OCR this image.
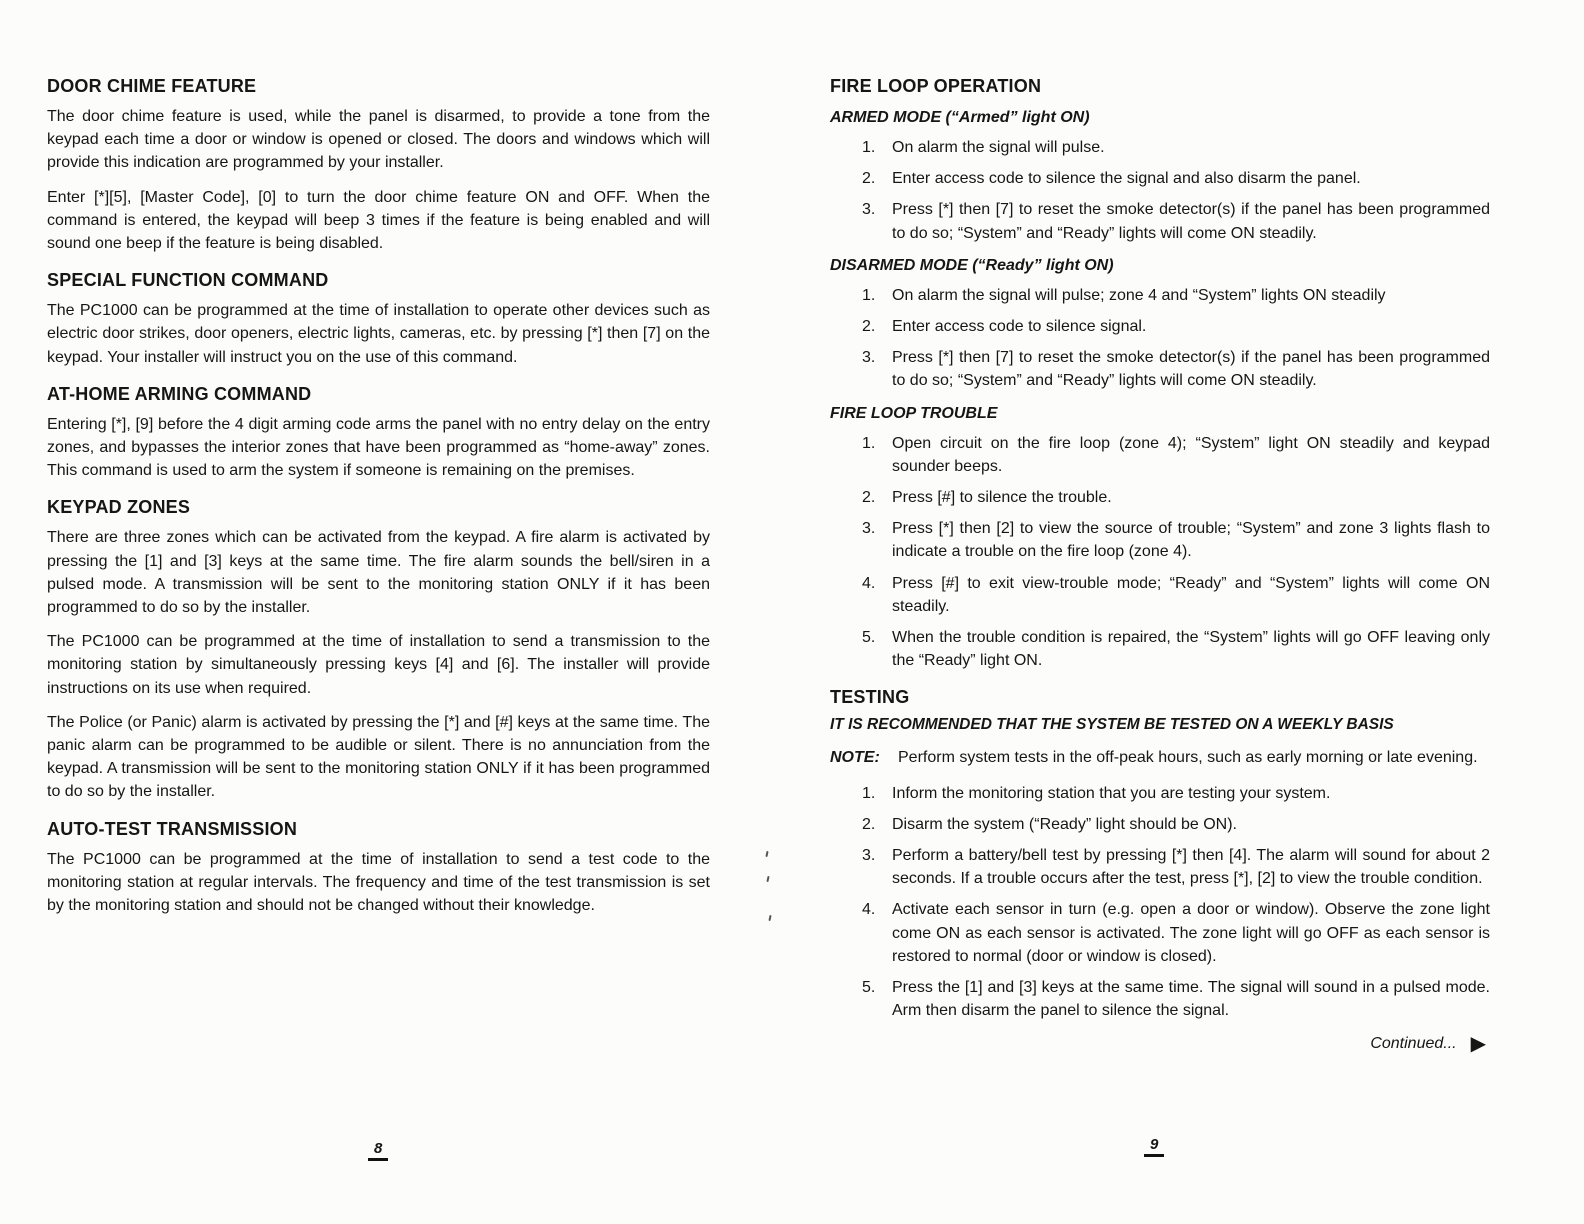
DOOR CHIME FEATURE

The door chime feature is used, while the panel is disarmed, to provide a tone from the keypad each time a door or window is opened or closed. The doors and windows which will provide this indication are programmed by your installer.

Enter [*][5], [Master Code], [0] to turn the door chime feature ON and OFF. When the command is entered, the keypad will beep 3 times if the feature is being enabled and will sound one beep if the feature is being disabled.

SPECIAL FUNCTION COMMAND

The PC1000 can be programmed at the time of installation to operate other devices such as electric door strikes, door openers, electric lights, cameras, etc. by pressing [*] then [7] on the keypad. Your installer will instruct you on the use of this command.

AT-HOME ARMING COMMAND

Entering [*], [9] before the 4 digit arming code arms the panel with no entry delay on the entry zones, and bypasses the interior zones that have been programmed as “home-away” zones. This command is used to arm the system if someone is remaining on the premises.

KEYPAD ZONES

There are three zones which can be activated from the keypad. A fire alarm is activated by pressing the [1] and [3] keys at the same time. The fire alarm sounds the bell/siren in a pulsed mode. A transmission will be sent to the monitoring station ONLY if it has been programmed to do so by the installer.

The PC1000 can be programmed at the time of installation to send a transmission to the monitoring station by simultaneously pressing keys [4] and [6]. The installer will provide instructions on its use when required.

The Police (or Panic) alarm is activated by pressing the [*] and [#] keys at the same time. The panic alarm can be programmed to be audible or silent. There is no annunciation from the keypad. A transmission will be sent to the monitoring station ONLY if it has been programmed to do so by the installer.

AUTO-TEST TRANSMISSION

The PC1000 can be programmed at the time of installation to send a test code to the monitoring station at regular intervals. The frequency and time of the test transmission is set by the monitoring station and should not be changed without their knowledge.

FIRE LOOP OPERATION
ARMED MODE (“Armed” light ON)
On alarm the signal will pulse.
Enter access code to silence the signal and also disarm the panel.
Press [*] then [7] to reset the smoke detector(s) if the panel has been programmed to do so; “System” and “Ready” lights will come ON steadily.
DISARMED MODE (“Ready” light ON)
On alarm the signal will pulse; zone 4 and “System” lights ON steadily
Enter access code to silence signal.
Press [*] then [7] to reset the smoke detector(s) if the panel has been programmed to do so; “System” and “Ready” lights will come ON steadily.
FIRE LOOP TROUBLE
Open circuit on the fire loop (zone 4); “System” light ON steadily and keypad sounder beeps.
Press [#] to silence the trouble.
Press [*] then [2] to view the source of trouble; “System” and zone 3 lights flash to indicate a trouble on the fire loop (zone 4).
Press [#] to exit view-trouble mode; “Ready” and “System” lights will come ON steadily.
When the trouble condition is repaired, the “System” lights will go OFF leaving only the “Ready” light ON.
TESTING
IT IS RECOMMENDED THAT THE SYSTEM BE TESTED ON A WEEKLY BASIS
NOTE:	Perform system tests in the off-peak hours, such as early morning or late evening.
Inform the monitoring station that you are testing your system.
Disarm the system (“Ready” light should be ON).
Perform a battery/bell test by pressing [*] then [4]. The alarm will sound for about 2 seconds. If a trouble occurs after the test, press [*], [2] to view the trouble condition.
Activate each sensor in turn (e.g. open a door or window). Observe the zone light come ON as each sensor is activated. The zone light will go OFF as each sensor is restored to normal (door or window is closed).
Press the [1] and [3] keys at the same time. The signal will sound in a pulsed mode. Arm then disarm the panel to silence the signal.
Continued... ▶
8	9
